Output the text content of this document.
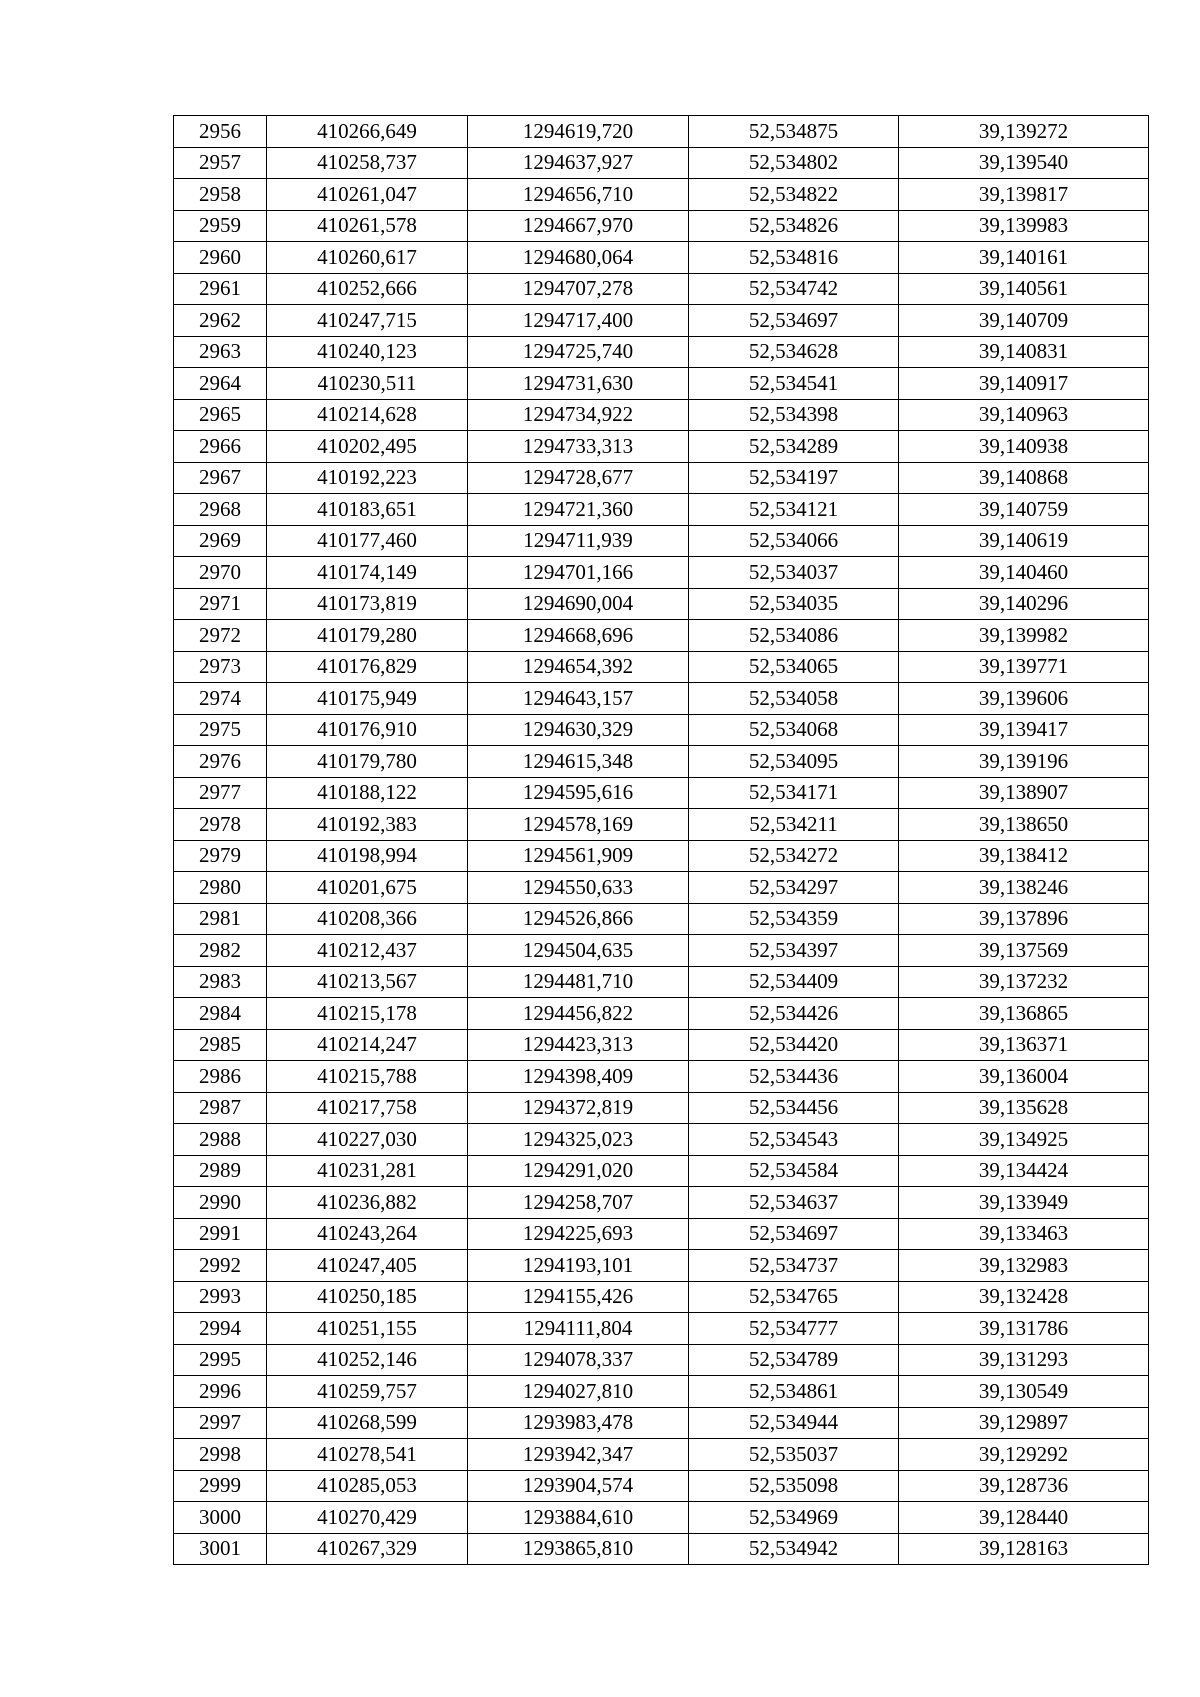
2956	410266,649	1294619,720	52,534875	39,139272
2957	410258,737	1294637,927	52,534802	39,139540
2958	410261,047	1294656,710	52,534822	39,139817
2959	410261,578	1294667,970	52,534826	39,139983
2960	410260,617	1294680,064	52,534816	39,140161
2961	410252,666	1294707,278	52,534742	39,140561
2962	410247,715	1294717,400	52,534697	39,140709
2963	410240,123	1294725,740	52,534628	39,140831
2964	410230,511	1294731,630	52,534541	39,140917
2965	410214,628	1294734,922	52,534398	39,140963
2966	410202,495	1294733,313	52,534289	39,140938
2967	410192,223	1294728,677	52,534197	39,140868
2968	410183,651	1294721,360	52,534121	39,140759
2969	410177,460	1294711,939	52,534066	39,140619
2970	410174,149	1294701,166	52,534037	39,140460
2971	410173,819	1294690,004	52,534035	39,140296
2972	410179,280	1294668,696	52,534086	39,139982
2973	410176,829	1294654,392	52,534065	39,139771
2974	410175,949	1294643,157	52,534058	39,139606
2975	410176,910	1294630,329	52,534068	39,139417
2976	410179,780	1294615,348	52,534095	39,139196
2977	410188,122	1294595,616	52,534171	39,138907
2978	410192,383	1294578,169	52,534211	39,138650
2979	410198,994	1294561,909	52,534272	39,138412
2980	410201,675	1294550,633	52,534297	39,138246
2981	410208,366	1294526,866	52,534359	39,137896
2982	410212,437	1294504,635	52,534397	39,137569
2983	410213,567	1294481,710	52,534409	39,137232
2984	410215,178	1294456,822	52,534426	39,136865
2985	410214,247	1294423,313	52,534420	39,136371
2986	410215,788	1294398,409	52,534436	39,136004
2987	410217,758	1294372,819	52,534456	39,135628
2988	410227,030	1294325,023	52,534543	39,134925
2989	410231,281	1294291,020	52,534584	39,134424
2990	410236,882	1294258,707	52,534637	39,133949
2991	410243,264	1294225,693	52,534697	39,133463
2992	410247,405	1294193,101	52,534737	39,132983
2993	410250,185	1294155,426	52,534765	39,132428
2994	410251,155	1294111,804	52,534777	39,131786
2995	410252,146	1294078,337	52,534789	39,131293
2996	410259,757	1294027,810	52,534861	39,130549
2997	410268,599	1293983,478	52,534944	39,129897
2998	410278,541	1293942,347	52,535037	39,129292
2999	410285,053	1293904,574	52,535098	39,128736
3000	410270,429	1293884,610	52,534969	39,128440
3001	410267,329	1293865,810	52,534942	39,128163
